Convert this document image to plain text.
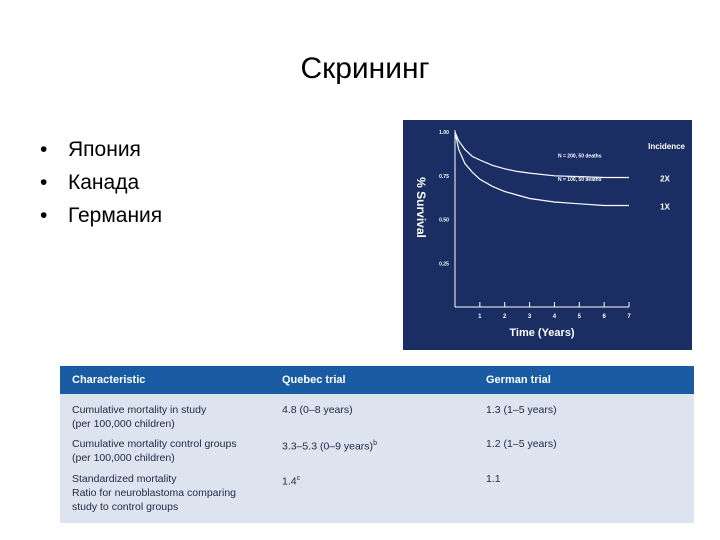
Скрининг
• Япония
• Канада
• Германия
1	2	3	4	5	6	7
1.00
0.75
0.50
0.25
Time (Years)
% Survival
Incidence
N = 200, 50 deaths
2X
N = 100, 50 deaths
1X
Characteristic	Quebec trial	German trial
Cumulative mortality in study
(per 100,000 children)
4.8 (0–8 years)	1.3 (1–5 years)
Cumulative mortality control groups
(per 100,000 children)
3.3–5.3 (0–9 years)$^b$	1.2 (1–5 years)
Standardized mortality
Ratio for neuroblastoma comparing
study to control groups
1.4$^c$	1.1
